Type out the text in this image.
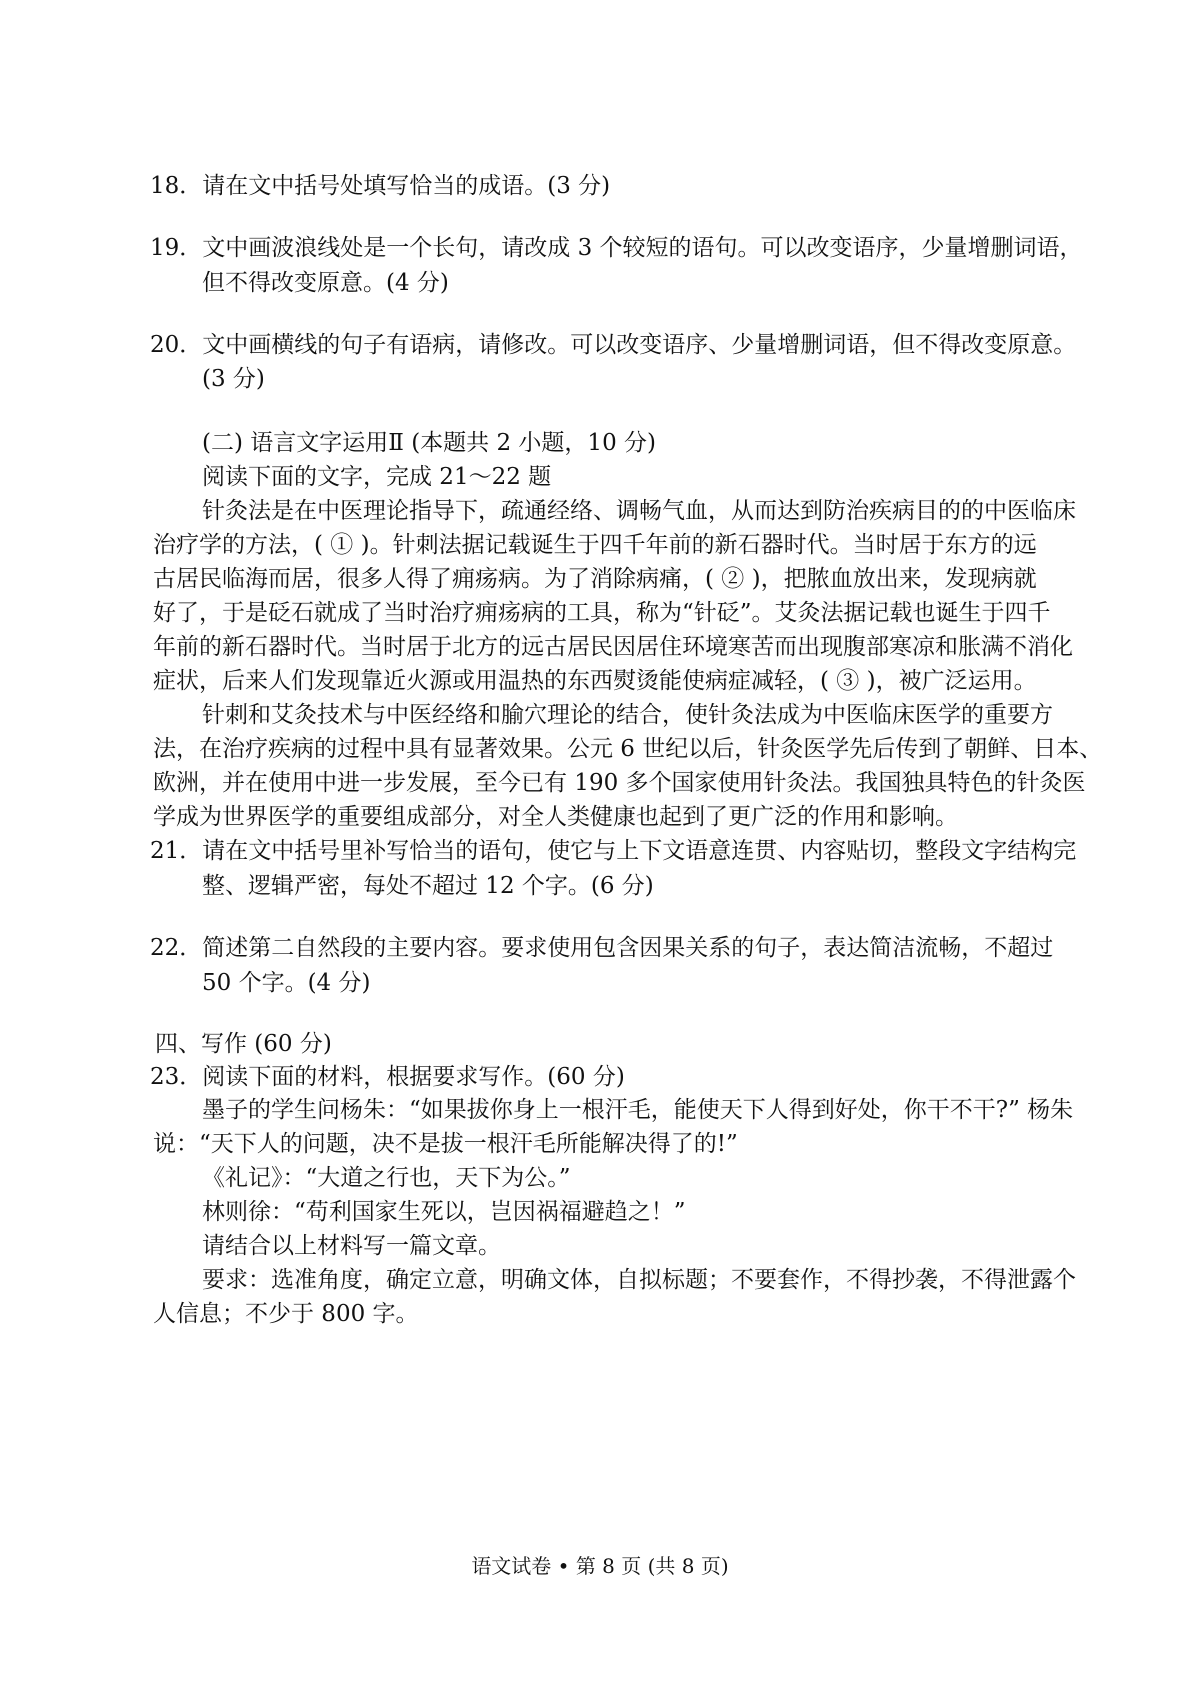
18．请在文中括号处填写恰当的成语。(3 分)

19．文中画波浪线处是一个长句，请改成 3 个较短的语句。可以改变语序，少量增删词语，

但不得改变原意。(4 分)

20．文中画横线的句子有语病，请修改。可以改变语序、少量增删词语，但不得改变原意。

(3 分)

(二) 语言文字运用Ⅱ (本题共 2 小题，10 分)

阅读下面的文字，完成 21～22 题

针灸法是在中医理论指导下，疏通经络、调畅气血，从而达到防治疾病目的的中医临床

治疗学的方法，( ① )。针刺法据记载诞生于四千年前的新石器时代。当时居于东方的远

古居民临海而居，很多人得了痈疡病。为了消除病痛，( ② )，把脓血放出来，发现病就

好了，于是砭石就成了当时治疗痈疡病的工具，称为“针砭”。艾灸法据记载也诞生于四千

年前的新石器时代。当时居于北方的远古居民因居住环境寒苦而出现腹部寒凉和胀满不消化

症状，后来人们发现靠近火源或用温热的东西熨烫能使病症减轻，( ③ )，被广泛运用。

针刺和艾灸技术与中医经络和腧穴理论的结合，使针灸法成为中医临床医学的重要方

法，在治疗疾病的过程中具有显著效果。公元 6 世纪以后，针灸医学先后传到了朝鲜、日本、

欧洲，并在使用中进一步发展，至今已有 190 多个国家使用针灸法。我国独具特色的针灸医

学成为世界医学的重要组成部分，对全人类健康也起到了更广泛的作用和影响。

21．请在文中括号里补写恰当的语句，使它与上下文语意连贯、内容贴切，整段文字结构完

整、逻辑严密，每处不超过 12 个字。(6 分)

22．简述第二自然段的主要内容。要求使用包含因果关系的句子，表达简洁流畅，不超过

50 个字。(4 分)

四、写作 (60 分)

23．阅读下面的材料，根据要求写作。(60 分)

墨子的学生问杨朱：“如果拔你身上一根汗毛，能使天下人得到好处，你干不干?” 杨朱

说：“天下人的问题，决不是拔一根汗毛所能解决得了的!”

《礼记》：“大道之行也，天下为公。”

林则徐：“苟利国家生死以，岂因祸福避趋之！”

请结合以上材料写一篇文章。

要求：选准角度，确定立意，明确文体，自拟标题；不要套作，不得抄袭，不得泄露个

人信息；不少于 800 字。

语文试卷 • 第 8 页 (共 8 页)
